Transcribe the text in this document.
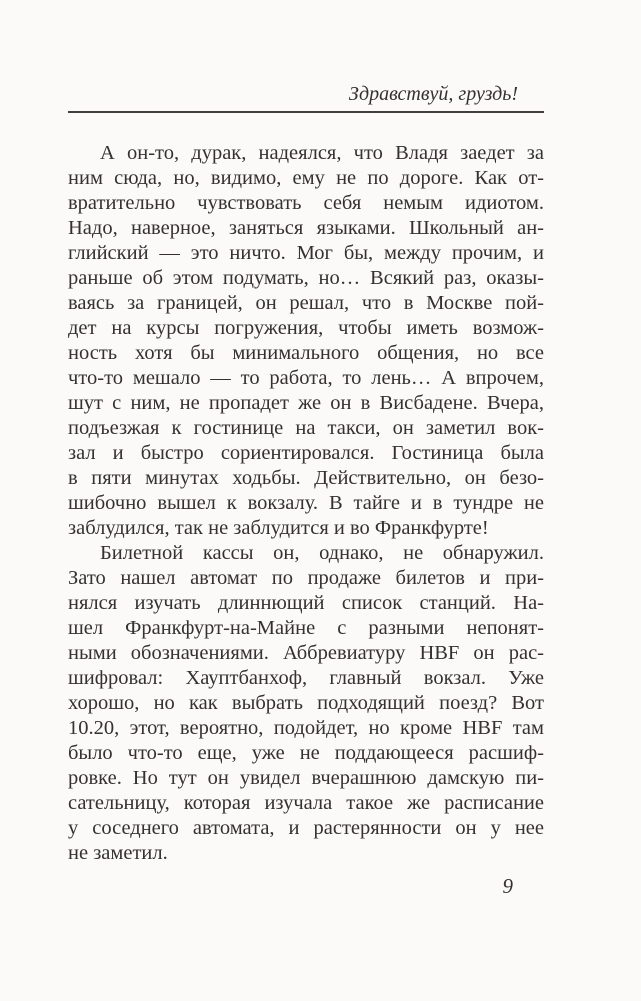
Здравствуй, груздь!
А он-то, дурак, надеялся, что Владя заедет за
ним сюда, но, видимо, ему не по дороге. Как от-
вратительно чувствовать себя немым идиотом.
Надо, наверное, заняться языками. Школьный ан-
глийский — это ничто. Мог бы, между прочим, и
раньше об этом подумать, но… Всякий раз, оказы-
ваясь за границей, он решал, что в Москве пой-
дет на курсы погружения, чтобы иметь возмож-
ность хотя бы минимального общения, но все
что-то мешало — то работа, то лень… А впрочем,
шут с ним, не пропадет же он в Висбадене. Вчера,
подъезжая к гостинице на такси, он заметил вок-
зал и быстро сориентировался. Гостиница была
в пяти минутах ходьбы. Действительно, он безо-
шибочно вышел к вокзалу. В тайге и в тундре не
заблудился, так не заблудится и во Франкфурте!
Билетной кассы он, однако, не обнаружил.
Зато нашел автомат по продаже билетов и при-
нялся изучать длиннющий список станций. На-
шел Франкфурт-на-Майне с разными непонят-
ными обозначениями. Аббревиатуру HBF он рас-
шифровал: Хауптбанхоф, главный вокзал. Уже
хорошо, но как выбрать подходящий поезд? Вот
10.20, этот, вероятно, подойдет, но кроме HBF там
было что-то еще, уже не поддающееся расшиф-
ровке. Но тут он увидел вчерашнюю дамскую пи-
сательницу, которая изучала такое же расписание
у соседнего автомата, и растерянности он у нее
не заметил.
9
